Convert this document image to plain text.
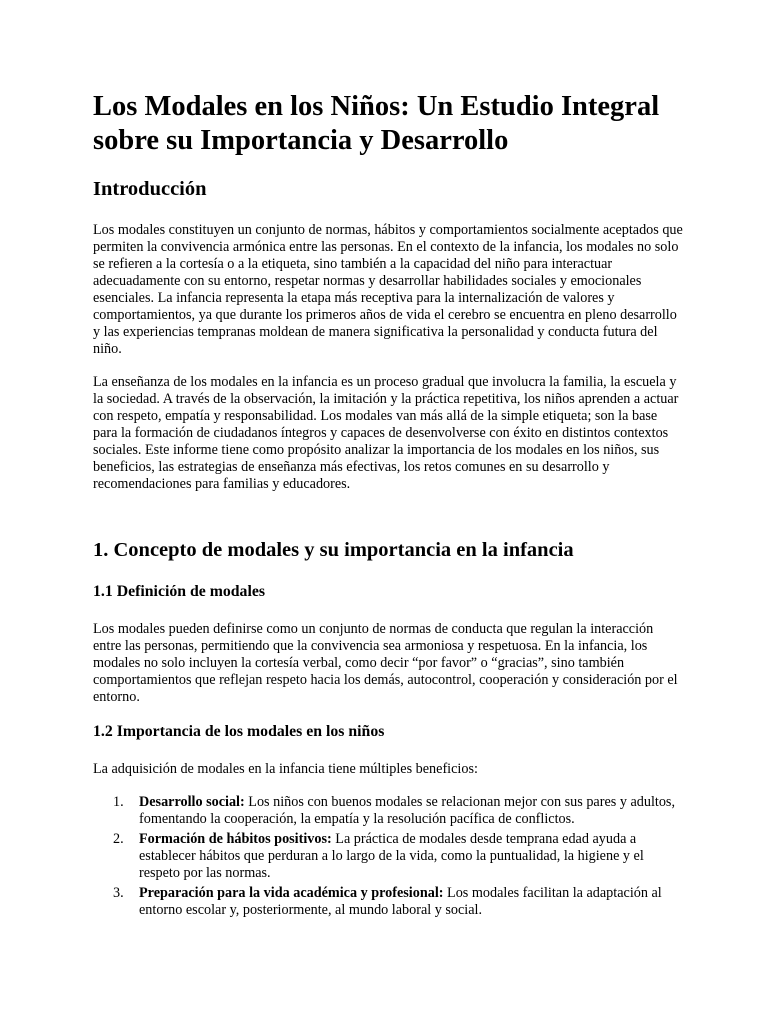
Los Modales en los Niños: Un Estudio Integral sobre su Importancia y Desarrollo
Introducción

Los modales constituyen un conjunto de normas, hábitos y comportamientos socialmente aceptados que permiten la convivencia armónica entre las personas. En el contexto de la infancia, los modales no solo se refieren a la cortesía o a la etiqueta, sino también a la capacidad del niño para interactuar adecuadamente con su entorno, respetar normas y desarrollar habilidades sociales y emocionales esenciales. La infancia representa la etapa más receptiva para la internalización de valores y comportamientos, ya que durante los primeros años de vida el cerebro se encuentra en pleno desarrollo y las experiencias tempranas moldean de manera significativa la personalidad y conducta futura del niño.

La enseñanza de los modales en la infancia es un proceso gradual que involucra la familia, la escuela y la sociedad. A través de la observación, la imitación y la práctica repetitiva, los niños aprenden a actuar con respeto, empatía y responsabilidad. Los modales van más allá de la simple etiqueta; son la base para la formación de ciudadanos íntegros y capaces de desenvolverse con éxito en distintos contextos sociales. Este informe tiene como propósito analizar la importancia de los modales en los niños, sus beneficios, las estrategias de enseñanza más efectivas, los retos comunes en su desarrollo y recomendaciones para familias y educadores.

1. Concepto de modales y su importancia en la infancia
1.1 Definición de modales

Los modales pueden definirse como un conjunto de normas de conducta que regulan la interacción entre las personas, permitiendo que la convivencia sea armoniosa y respetuosa. En la infancia, los modales no solo incluyen la cortesía verbal, como decir “por favor” o “gracias”, sino también comportamientos que reflejan respeto hacia los demás, autocontrol, cooperación y consideración por el entorno.

1.2 Importancia de los modales en los niños

La adquisición de modales en la infancia tiene múltiples beneficios:

1. Desarrollo social: Los niños con buenos modales se relacionan mejor con sus pares y adultos, fomentando la cooperación, la empatía y la resolución pacífica de conflictos.
2. Formación de hábitos positivos: La práctica de modales desde temprana edad ayuda a establecer hábitos que perduran a lo largo de la vida, como la puntualidad, la higiene y el respeto por las normas.
3. Preparación para la vida académica y profesional: Los modales facilitan la adaptación al entorno escolar y, posteriormente, al mundo laboral y social.
